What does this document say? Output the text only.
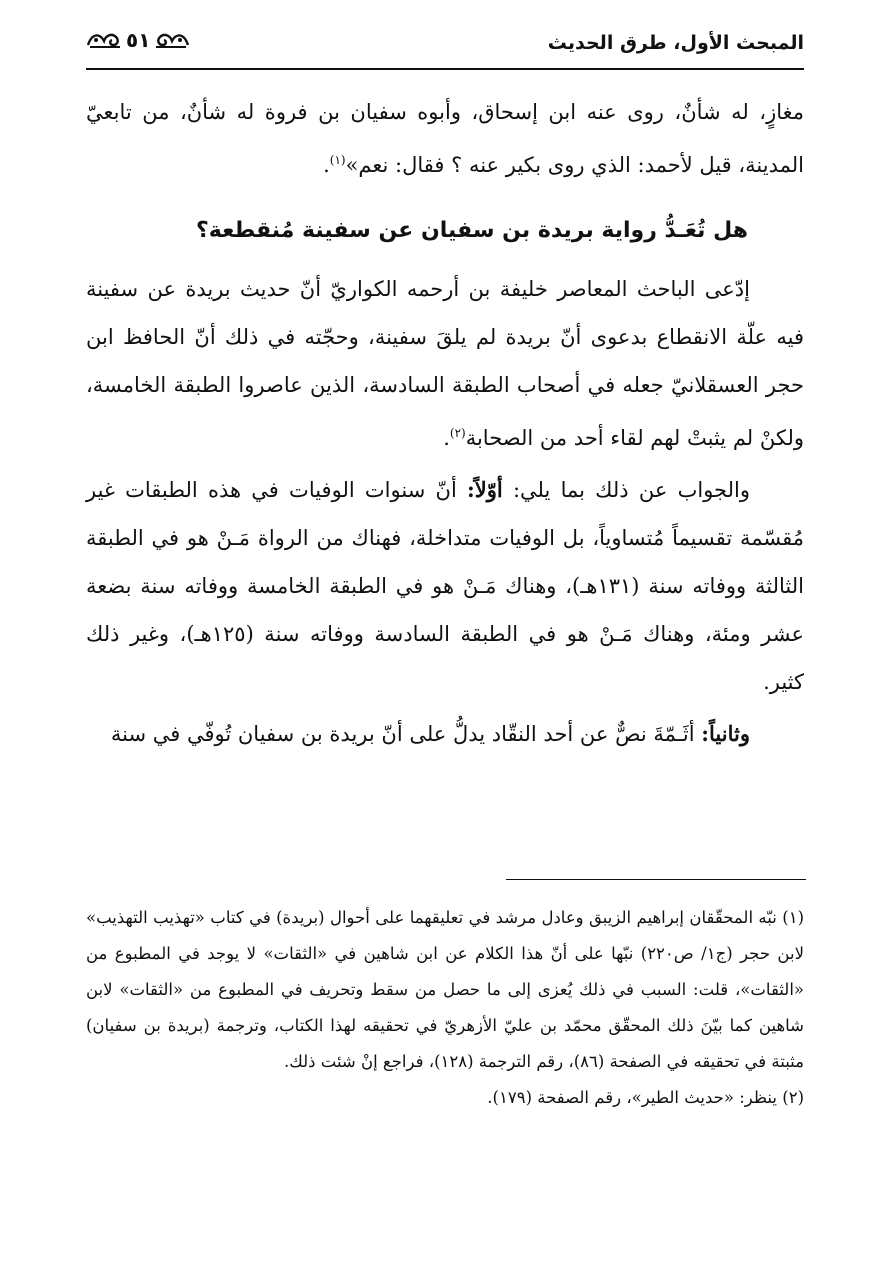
المبحث الأول، طرق الحديث
٥١

مغازٍ، له شأنٌ، روى عنه ابن إسحاق، وأبوه سفيان بن فروة له شأنٌ، من تابعيّ المدينة، قيل لأحمد: الذي روى بكير عنه ؟ فقال: نعم»$^{(١)}$.

هل تُعَـدُّ رواية بريدة بن سفيان عن سفينة مُنقطعة؟

إدّعى الباحث المعاصر خليفة بن أرحمه الكواريّ أنّ حديث بريدة عن سفينة فيه علّة الانقطاع بدعوى أنّ بريدة لم يلقَ سفينة، وحجّته في ذلك أنّ الحافظ ابن حجر العسقلانيّ جعله في أصحاب الطبقة السادسة، الذين عاصروا الطبقة الخامسة، ولكنْ لم يثبتْ لهم لقاء أحد من الصحابة$^{(٢)}$.

والجواب عن ذلك بما يلي: أوّلاً: أنّ سنوات الوفيات في هذه الطبقات غير مُقسّمة تقسيماً مُتساوياً، بل الوفيات متداخلة، فهناك من الرواة مَـنْ هو في الطبقة الثالثة ووفاته سنة (١٣١هـ)، وهناك مَـنْ هو في الطبقة الخامسة ووفاته سنة بضعة عشر ومئة، وهناك مَـنْ هو في الطبقة السادسة ووفاته سنة (١٢٥هـ)، وغير ذلك كثير.

وثانياً: أثَـمّةَ نصٌّ عن أحد النقّاد يدلُّ على أنّ بريدة بن سفيان تُوفّي في سنة

(١) نبّه المحقّقان إبراهيم الزيبق وعادل مرشد في تعليقهما على أحوال (بريدة) في كتاب «تهذيب التهذيب» لابن حجر (ج١/ ص٢٢٠) نبّها على أنّ هذا الكلام عن ابن شاهين في «الثقات» لا يوجد في المطبوع من «الثقات»، قلت: السبب في ذلك يُعزى إلى ما حصل من سقط وتحريف في المطبوع من «الثقات» لابن شاهين كما بيّنَ ذلك المحقّق محمّد بن عليّ الأزهريّ في تحقيقه لهذا الكتاب، وترجمة (بريدة بن سفيان) مثبتة في تحقيقه في الصفحة (٨٦)، رقم الترجمة (١٢٨)، فراجع إنْ شئت ذلك.

(٢) ينظر: «حديث الطير»، رقم الصفحة (١٧٩).
